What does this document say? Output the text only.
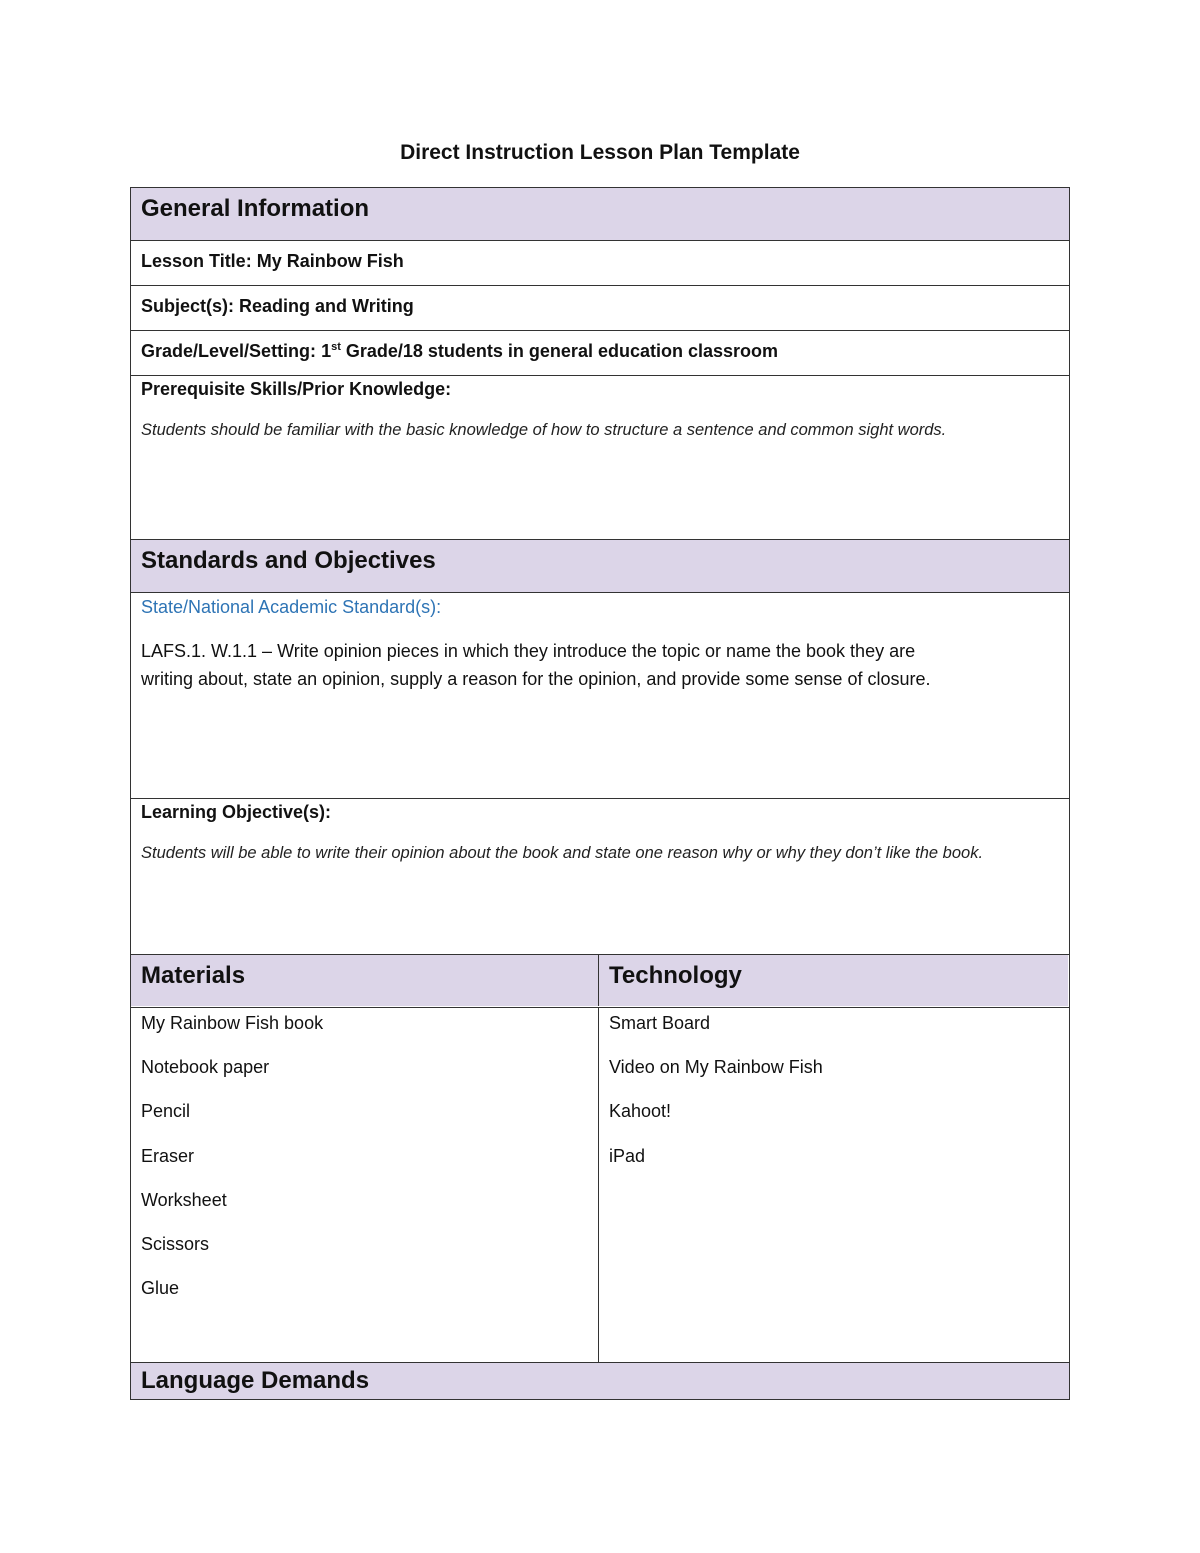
Direct Instruction Lesson Plan Template
General Information
Lesson Title: My Rainbow Fish
Subject(s): Reading and Writing
Grade/Level/Setting: 1st Grade/18 students in general education classroom
Prerequisite Skills/Prior Knowledge:
Students should be familiar with the basic knowledge of how to structure a sentence and common sight words.
Standards and Objectives
State/National Academic Standard(s):
LAFS.1. W.1.1 – Write opinion pieces in which they introduce the topic or name the book they are
writing about, state an opinion, supply a reason for the opinion, and provide some sense of closure.
Learning Objective(s):
Students will be able to write their opinion about the book and state one reason why or why they don’t like the book.
Materials	Technology
My Rainbow Fish book
Notebook paper
Pencil
Eraser
Worksheet
Scissors
Glue
Smart Board
Video on My Rainbow Fish
Kahoot!
iPad
Language Demands
